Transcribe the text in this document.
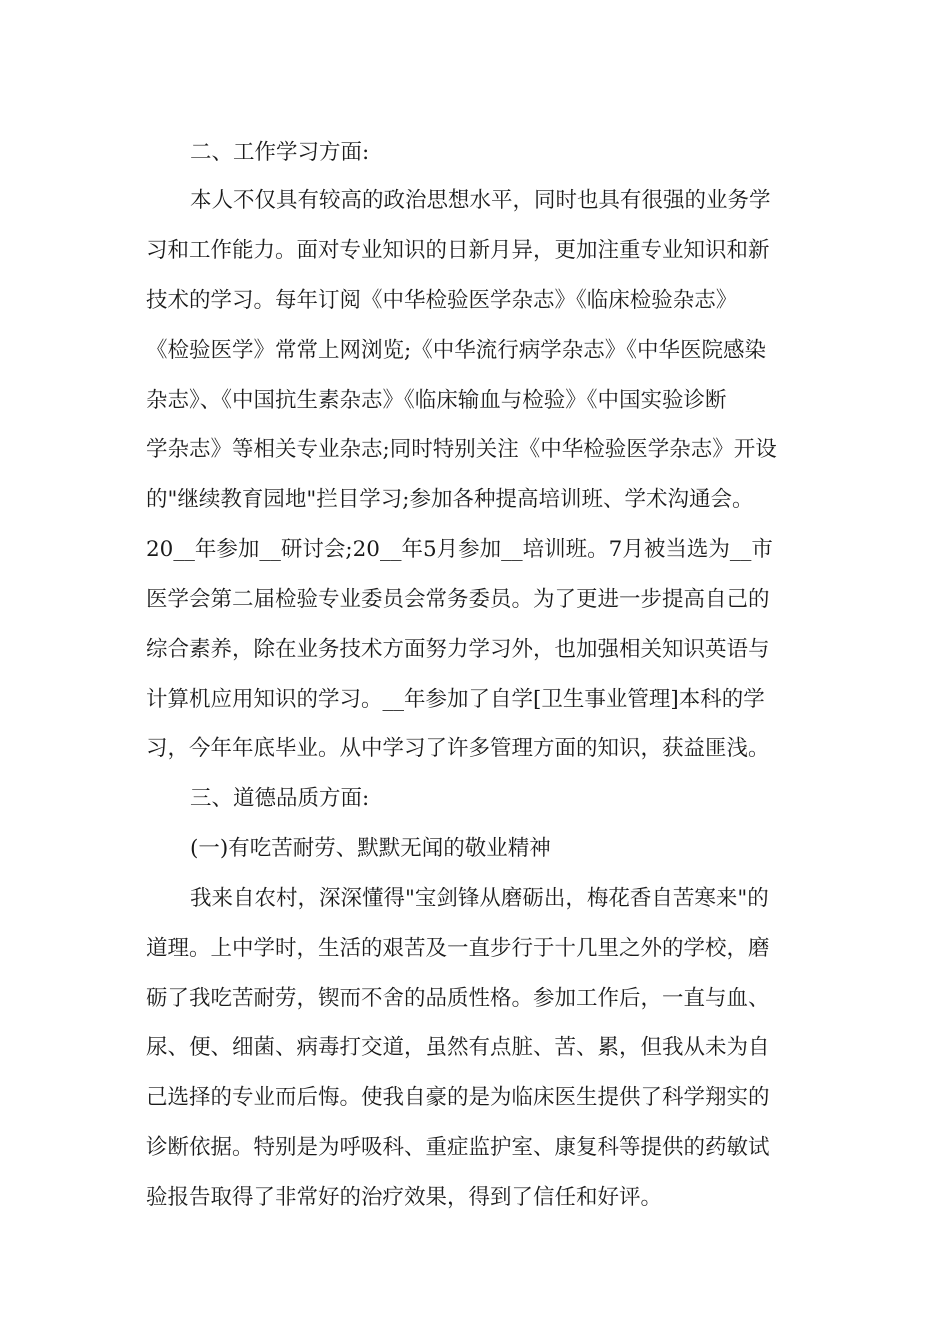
二、工作学习方面:
本人不仅具有较高的政治思想水平，同时也具有很强的业务学
习和工作能力。面对专业知识的日新月异，更加注重专业知识和新
技术的学习。每年订阅《中华检验医学杂志》《临床检验杂志》
《检验医学》常常上网浏览;《中华流行病学杂志》《中华医院感染
杂志》、《中国抗生素杂志》《临床输血与检验》《中国实验诊断
学杂志》等相关专业杂志;同时特别关注《中华检验医学杂志》开设
的"继续教育园地"拦目学习;参加各种提高培训班、学术沟通会。
20__年参加__研讨会;20__年5月参加__培训班。7月被当选为__市
医学会第二届检验专业委员会常务委员。为了更进一步提高自己的
综合素养，除在业务技术方面努力学习外，也加强相关知识英语与
计算机应用知识的学习。__年参加了自学[卫生事业管理]本科的学
习，今年年底毕业。从中学习了许多管理方面的知识，获益匪浅。
三、道德品质方面:
(一)有吃苦耐劳、默默无闻的敬业精神
我来自农村，深深懂得"宝剑锋从磨砺出，梅花香自苦寒来"的
道理。上中学时，生活的艰苦及一直步行于十几里之外的学校，磨
砺了我吃苦耐劳，锲而不舍的品质性格。参加工作后，一直与血、
尿、便、细菌、病毒打交道，虽然有点脏、苦、累，但我从未为自
己选择的专业而后悔。使我自豪的是为临床医生提供了科学翔实的
诊断依据。特别是为呼吸科、重症监护室、康复科等提供的药敏试
验报告取得了非常好的治疗效果，得到了信任和好评。
